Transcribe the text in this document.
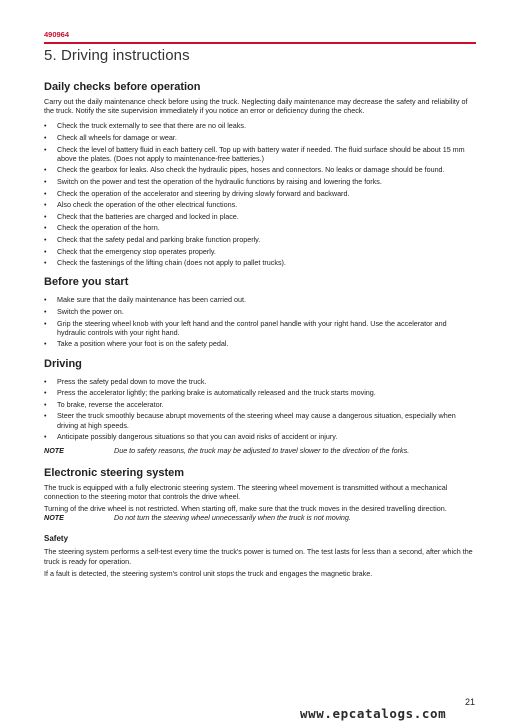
490964
5. Driving instructions
Daily checks before operation

Carry out the daily maintenance check before using the truck. Neglecting daily maintenance may decrease the safety and reliability of the truck. Notify the site supervision immediately if you notice an error or deficiency during the check.

• Check the truck externally to see that there are no oil leaks.
• Check all wheels for damage or wear.
• Check the level of battery fluid in each battery cell. Top up with battery water if needed. The fluid surface should be about 15 mm above the plates. (Does not apply to maintenance-free batteries.)
• Check the gearbox for leaks. Also check the hydraulic pipes, hoses and connectors. No leaks or damage should be found.
• Switch on the power and test the operation of the hydraulic functions by raising and lowering the forks.
• Check the operation of the accelerator and steering by driving slowly forward and backward.
• Also check the operation of the other electrical functions.
• Check that the batteries are charged and locked in place.
• Check the operation of the horn.
• Check that the safety pedal and parking brake function properly.
• Check that the emergency stop operates properly.
• Check the fastenings of the lifting chain (does not apply to pallet trucks).
Before you start
• Make sure that the daily maintenance has been carried out.
• Switch the power on.
• Grip the steering wheel knob with your left hand and the control panel handle with your right hand. Use the accelerator and hydraulic controls with your right hand.
• Take a position where your foot is on the safety pedal.
Driving
• Press the safety pedal down to move the truck.
• Press the accelerator lightly; the parking brake is automatically released and the truck starts moving.
• To brake, reverse the accelerator.
• Steer the truck smoothly because abrupt movements of the steering wheel may cause a dangerous situation, especially when driving at high speeds.
• Anticipate possibly dangerous situations so that you can avoid risks of accident or injury.
NOTE	Due to safety reasons, the truck may be adjusted to travel slower to the direction of the forks.
Electronic steering system

The truck is equipped with a fully electronic steering system. The steering wheel movement is transmitted without a mechanical connection to the steering motor that controls the drive wheel.

Turning of the drive wheel is not restricted. When starting off, make sure that the truck moves in the desired travelling direction.

NOTE	Do not turn the steering wheel unnecessarily when the truck is not moving.
Safety

The steering system performs a self-test every time the truck's power is turned on. The test lasts for less than a second, after which the truck is ready for operation.

If a fault is detected, the steering system's control unit stops the truck and engages the magnetic brake.

21
www.epcatalogs.com
